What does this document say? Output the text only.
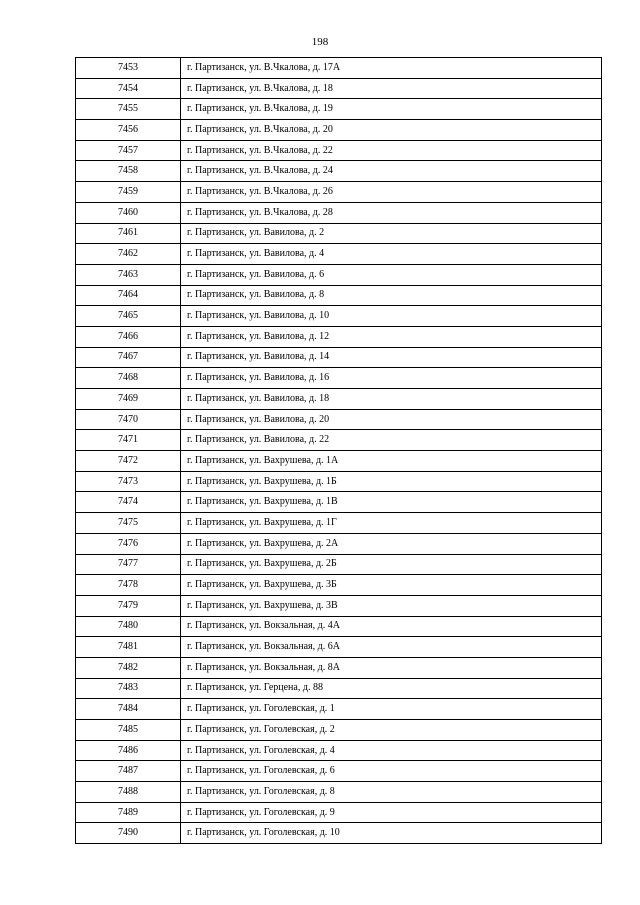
198
7453	г. Партизанск, ул. В.Чкалова, д. 17А
7454	г. Партизанск, ул. В.Чкалова, д. 18
7455	г. Партизанск, ул. В.Чкалова, д. 19
7456	г. Партизанск, ул. В.Чкалова, д. 20
7457	г. Партизанск, ул. В.Чкалова, д. 22
7458	г. Партизанск, ул. В.Чкалова, д. 24
7459	г. Партизанск, ул. В.Чкалова, д. 26
7460	г. Партизанск, ул. В.Чкалова, д. 28
7461	г. Партизанск, ул. Вавилова, д. 2
7462	г. Партизанск, ул. Вавилова, д. 4
7463	г. Партизанск, ул. Вавилова, д. 6
7464	г. Партизанск, ул. Вавилова, д. 8
7465	г. Партизанск, ул. Вавилова, д. 10
7466	г. Партизанск, ул. Вавилова, д. 12
7467	г. Партизанск, ул. Вавилова, д. 14
7468	г. Партизанск, ул. Вавилова, д. 16
7469	г. Партизанск, ул. Вавилова, д. 18
7470	г. Партизанск, ул. Вавилова, д. 20
7471	г. Партизанск, ул. Вавилова, д. 22
7472	г. Партизанск, ул. Вахрушева, д. 1А
7473	г. Партизанск, ул. Вахрушева, д. 1Б
7474	г. Партизанск, ул. Вахрушева, д. 1В
7475	г. Партизанск, ул. Вахрушева, д. 1Г
7476	г. Партизанск, ул. Вахрушева, д. 2А
7477	г. Партизанск, ул. Вахрушева, д. 2Б
7478	г. Партизанск, ул. Вахрушева, д. 3Б
7479	г. Партизанск, ул. Вахрушева, д. 3В
7480	г. Партизанск, ул. Вокзальная, д. 4А
7481	г. Партизанск, ул. Вокзальная, д. 6А
7482	г. Партизанск, ул. Вокзальная, д. 8А
7483	г. Партизанск, ул. Герцена, д. 88
7484	г. Партизанск, ул. Гоголевская, д. 1
7485	г. Партизанск, ул. Гоголевская, д. 2
7486	г. Партизанск, ул. Гоголевская, д. 4
7487	г. Партизанск, ул. Гоголевская, д. 6
7488	г. Партизанск, ул. Гоголевская, д. 8
7489	г. Партизанск, ул. Гоголевская, д. 9
7490	г. Партизанск, ул. Гоголевская, д. 10
